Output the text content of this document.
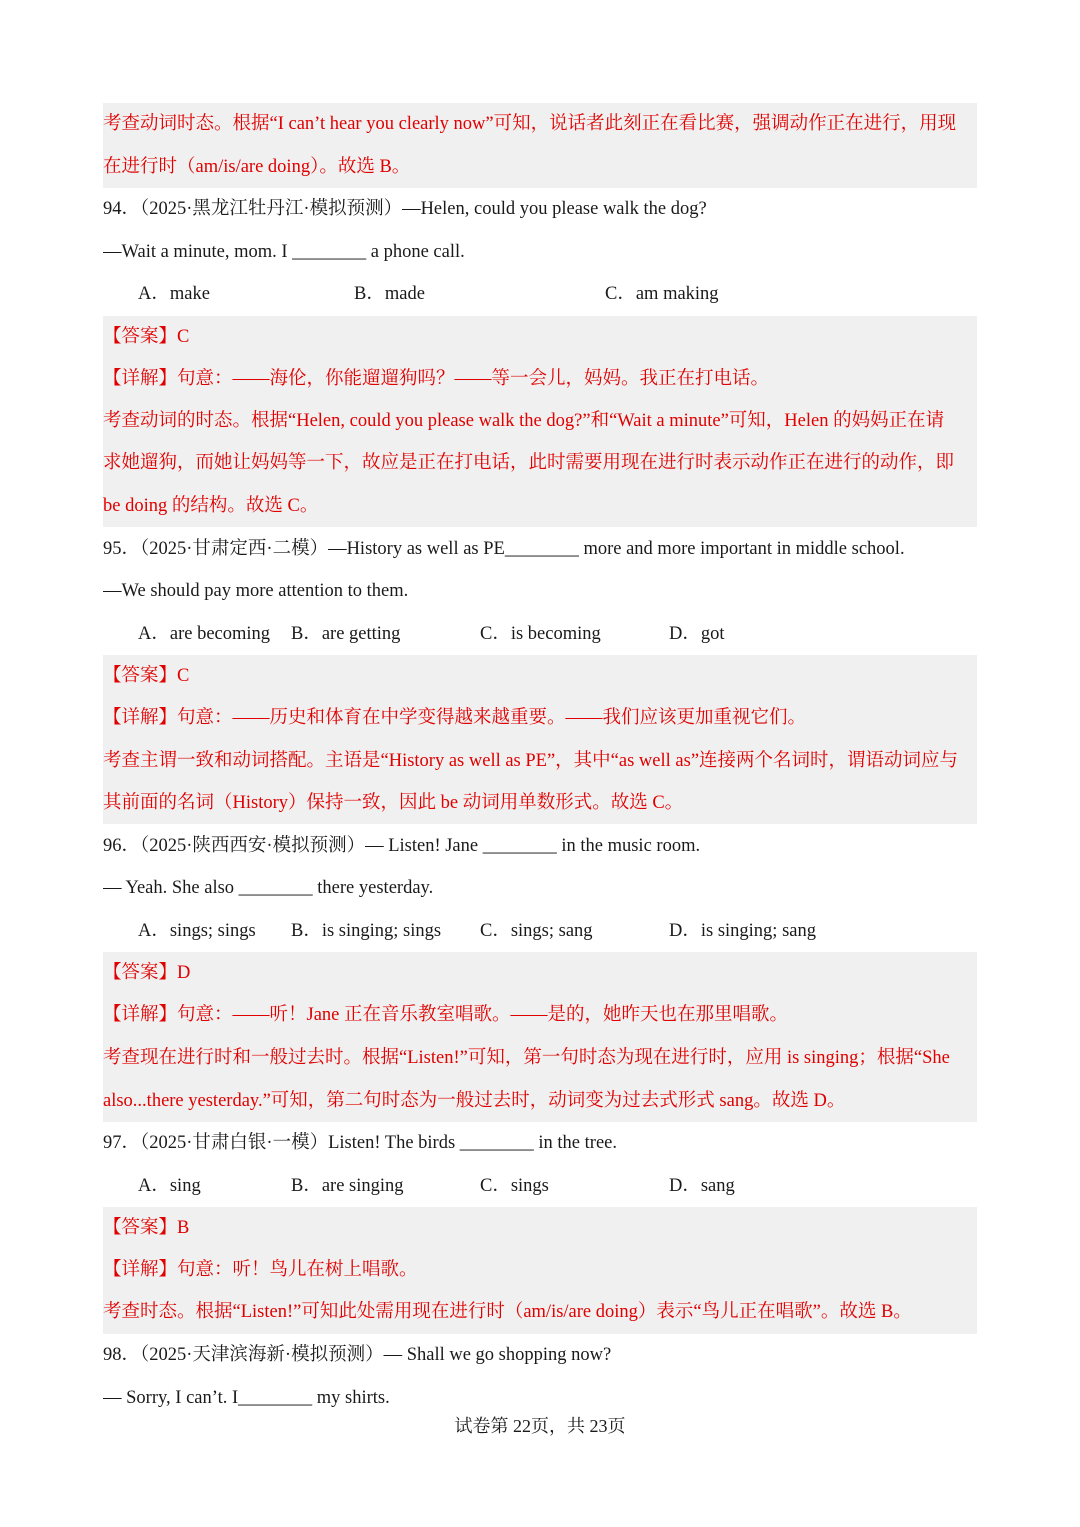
考查动词时态。根据“I can’t hear you clearly now”可知，说话者此刻正在看比赛，强调动作正在进行，用现
在进行时（am/is/are doing）。故选 B。
94．（2025·黑龙江牡丹江·模拟预测）—Helen, could you please walk the dog?
—Wait a minute, mom. I ________ a phone call.
A．make	B．made	C．am making
【答案】C
【详解】句意：——海伦，你能遛遛狗吗？——等一会儿，妈妈。我正在打电话。
考查动词的时态。根据“Helen, could you please walk the dog?”和“Wait a minute”可知，Helen 的妈妈正在请
求她遛狗，而她让妈妈等一下，故应是正在打电话，此时需要用现在进行时表示动作正在进行的动作，即
be doing 的结构。故选 C。
95．（2025·甘肃定西·二模）—History as well as PE________ more and more important in middle school.
—We should pay more attention to them.
A．are becoming B．are getting	C．is becoming	D．got
【答案】C
【详解】句意：——历史和体育在中学变得越来越重要。——我们应该更加重视它们。
考查主谓一致和动词搭配。主语是“History as well as PE”，其中“as well as”连接两个名词时，谓语动词应与
其前面的名词（History）保持一致，因此 be 动词用单数形式。故选 C。
96．（2025·陕西西安·模拟预测）— Listen! Jane ________ in the music room.
— Yeah. She also ________ there yesterday.
A．sings; sings B．is singing; sings C．sings; sang	D．is singing; sang
【答案】D
【详解】句意：——听！Jane 正在音乐教室唱歌。——是的，她昨天也在那里唱歌。
考查现在进行时和一般过去时。根据“Listen!”可知，第一句时态为现在进行时，应用 is singing；根据“She
also...there yesterday.”可知，第二句时态为一般过去时，动词变为过去式形式 sang。故选 D。
97．（2025·甘肃白银·一模）Listen! The birds ________ in the tree.
A．sing	B．are singing	C．sings	D．sang
【答案】B
【详解】句意：听！鸟儿在树上唱歌。
考查时态。根据“Listen!”可知此处需用现在进行时（am/is/are doing）表示“鸟儿正在唱歌”。故选 B。
98．（2025·天津滨海新·模拟预测）— Shall we go shopping now?
— Sorry, I can’t. I________ my shirts.
试卷第 22页，共 23页
